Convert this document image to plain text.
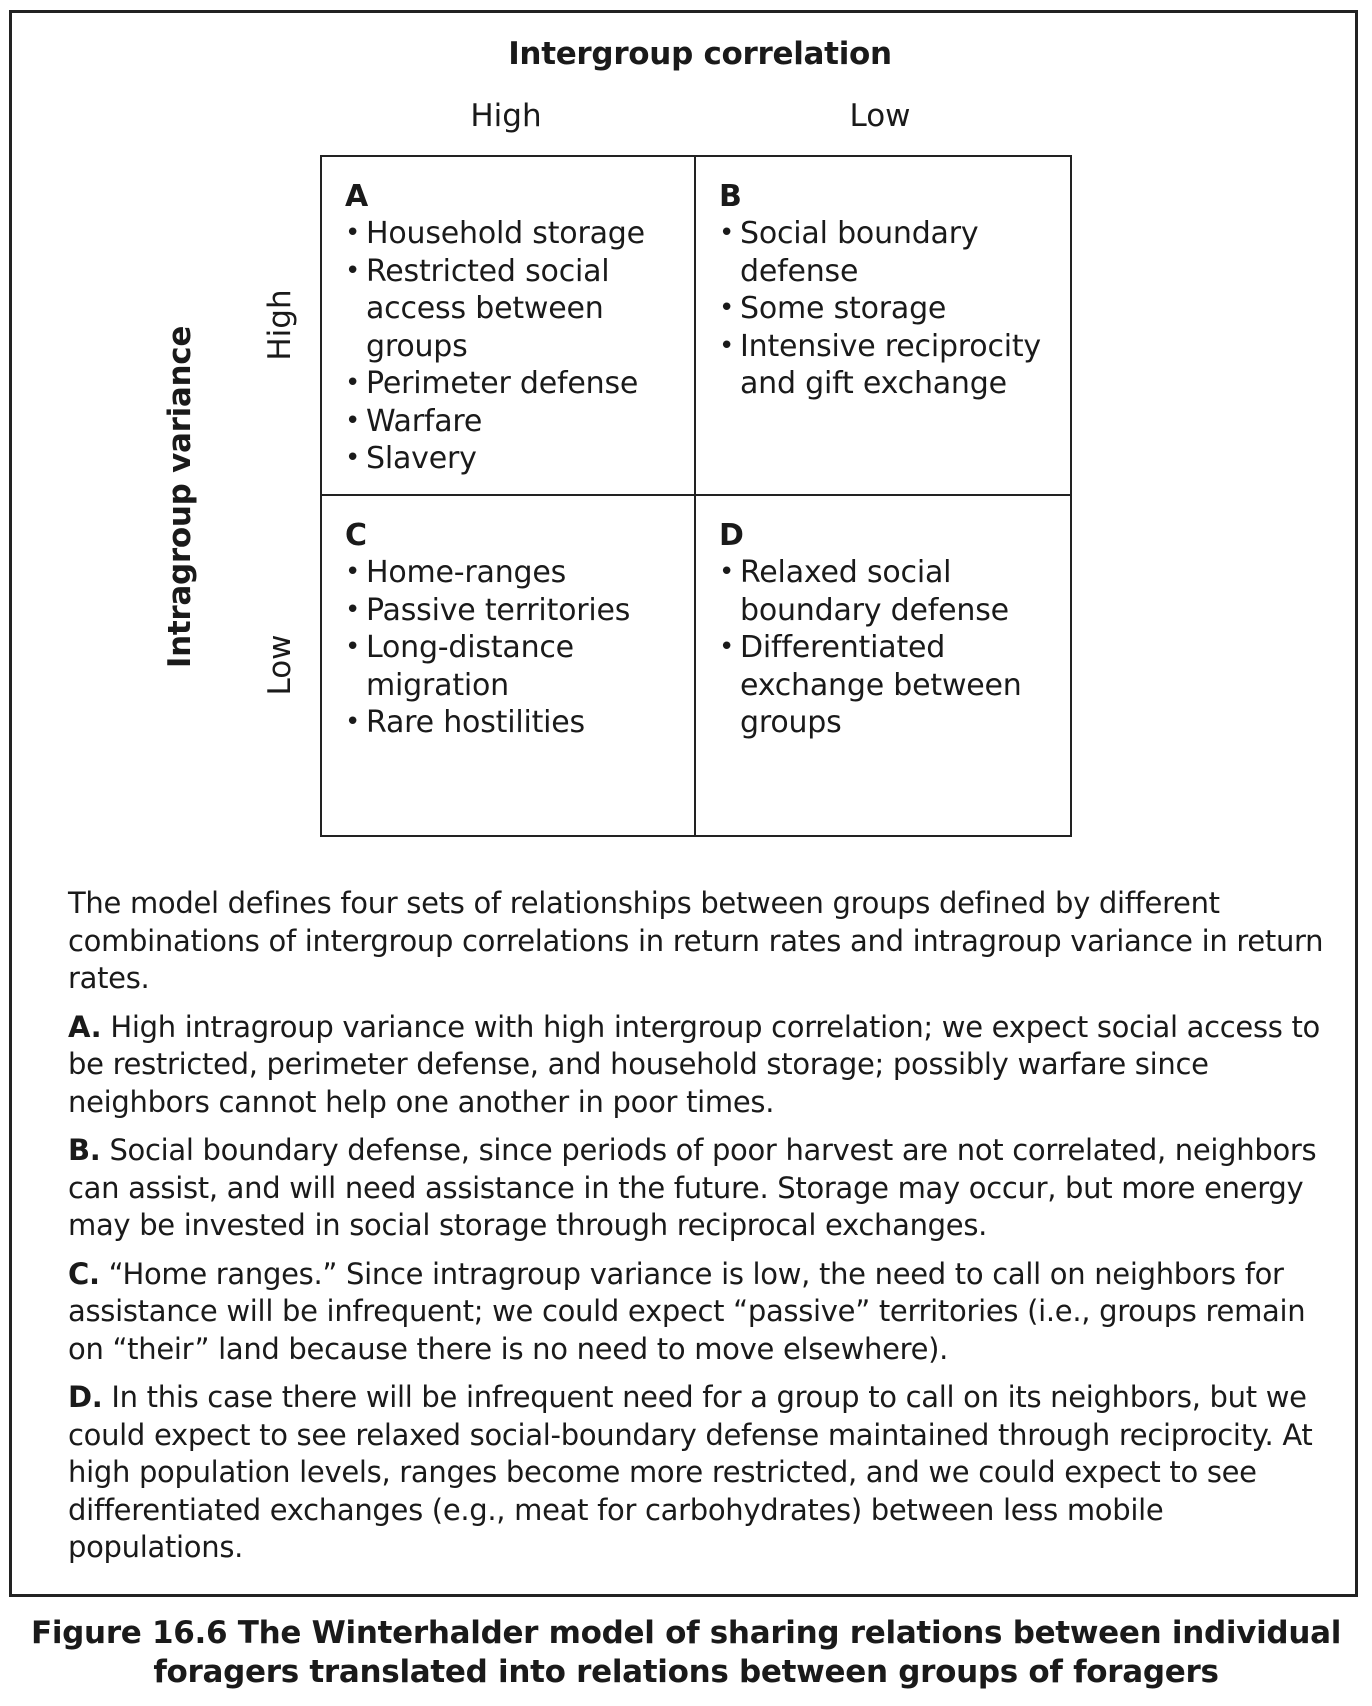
Intergroup correlation
High	Low
Intragroup variance
High
Low
A
• Household storage
• Restricted social access between groups
• Perimeter defense
• Warfare
• Slavery
B
• Social boundary defense
• Some storage
• Intensive reciprocity and gift exchange
C
• Home-ranges
• Passive territories
• Long-distance migration
• Rare hostilities
D
• Relaxed social boundary defense
• Differentiated exchange between groups

The model defines four sets of relationships between groups defined by different combinations of intergroup correlations in return rates and intragroup variance in return rates.

A. High intragroup variance with high intergroup correlation; we expect social access to be restricted, perimeter defense, and household storage; possibly warfare since neighbors cannot help one another in poor times.

B. Social boundary defense, since periods of poor harvest are not correlated, neighbors can assist, and will need assistance in the future. Storage may occur, but more energy may be invested in social storage through reciprocal exchanges.

C. “Home ranges.” Since intragroup variance is low, the need to call on neighbors for assistance will be infrequent; we could expect “passive” territories (i.e., groups remain on “their” land because there is no need to move elsewhere).

D. In this case there will be infrequent need for a group to call on its neighbors, but we could expect to see relaxed social-boundary defense maintained through reciprocity. At high population levels, ranges become more restricted, and we could expect to see differentiated exchanges (e.g., meat for carbohydrates) between less mobile populations.

Figure 16.6 The Winterhalder model of sharing relations between individual
foragers translated into relations between groups of foragers
